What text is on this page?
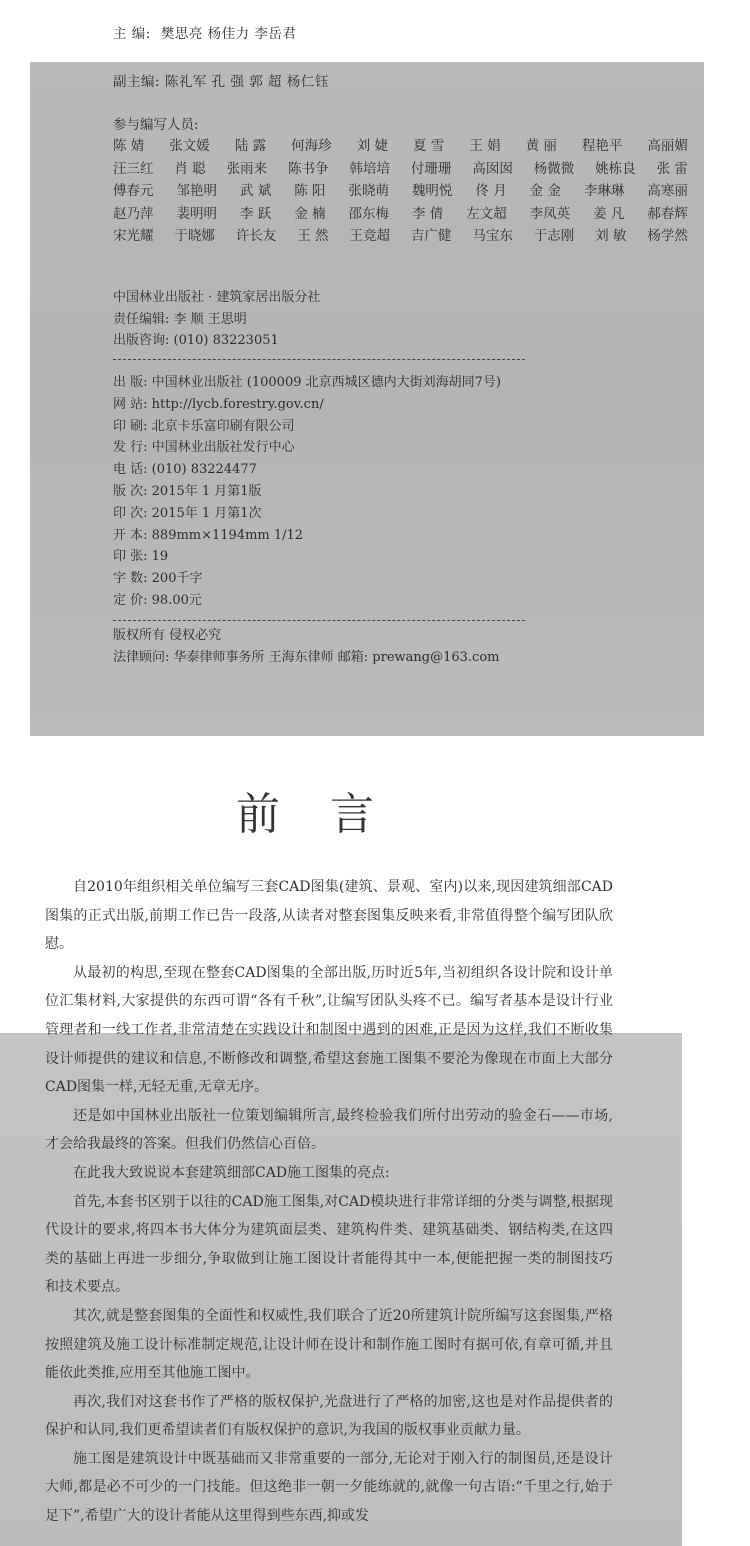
主 编: 樊思亮 杨佳力 李岳君

副主编: 陈礼军 孔 强 郭 超 杨仁钰

参与编写人员:
陈 婧 张文媛 陆 露 何海珍 刘 婕 夏 雪 王 娟 黄 丽 程艳平 高丽媚
汪三红 肖 聪 张雨来 陈书争 韩培培 付珊珊 高囡囡 杨微微 姚栋良 张 雷
傅春元 邹艳明 武 斌 陈 阳 张晓萌 魏明悦 佟 月 金 金 李琳琳 高寒丽
赵乃萍 裴明明 李 跃 金 楠 邵东梅 李 倩 左文超 李凤英 姜 凡 郝春辉
宋光耀 于晓娜 许长友 王 然 王竞超 吉广健 马宝东 于志刚 刘 敏 杨学然
中国林业出版社 · 建筑家居出版分社
责任编辑: 李 顺 王思明
出版咨询: (010) 83223051
出 版: 中国林业出版社 (100009 北京西城区德内大街刘海胡同7号)
网 站: http://lycb.forestry.gov.cn/
印 刷: 北京卡乐富印刷有限公司
发 行: 中国林业出版社发行中心
电 话: (010) 83224477
版 次: 2015年 1 月第1版
印 次: 2015年 1 月第1次
开 本: 889mm×1194mm 1/12
印 张: 19
字 数: 200千字
定 价: 98.00元
版权所有 侵权必究
法律顾问: 华泰律师事务所 王海东律师 邮箱: prewang@163.com
前言

自2010年组织相关单位编写三套CAD图集(建筑、景观、室内)以来,现因建筑细部CAD图集的正式出版,前期工作已告一段落,从读者对整套图集反映来看,非常值得整个编写团队欣慰。

从最初的构思,至现在整套CAD图集的全部出版,历时近5年,当初组织各设计院和设计单位汇集材料,大家提供的东西可谓“各有千秋”,让编写团队头疼不已。编写者基本是设计行业管理者和一线工作者,非常清楚在实践设计和制图中遇到的困难,正是因为这样,我们不断收集设计师提供的建议和信息,不断修改和调整,希望这套施工图集不要沦为像现在市面上大部分CAD图集一样,无轻无重,无章无序。

还是如中国林业出版社一位策划编辑所言,最终检验我们所付出劳动的验金石——市场,才会给我最终的答案。但我们仍然信心百倍。

在此我大致说说本套建筑细部CAD施工图集的亮点:

首先,本套书区别于以往的CAD施工图集,对CAD模块进行非常详细的分类与调整,根据现代设计的要求,将四本书大体分为建筑面层类、建筑构件类、建筑基础类、钢结构类,在这四类的基础上再进一步细分,争取做到让施工图设计者能得其中一本,便能把握一类的制图技巧和技术要点。

其次,就是整套图集的全面性和权威性,我们联合了近20所建筑计院所编写这套图集,严格按照建筑及施工设计标准制定规范,让设计师在设计和制作施工图时有据可依,有章可循,并且能依此类推,应用至其他施工图中。

再次,我们对这套书作了严格的版权保护,光盘进行了严格的加密,这也是对作品提供者的保护和认同,我们更希望读者们有版权保护的意识,为我国的版权事业贡献力量。

施工图是建筑设计中既基础而又非常重要的一部分,无论对于刚入行的制图员,还是设计大师,都是必不可少的一门技能。但这绝非一朝一夕能练就的,就像一句古语:“千里之行,始于足下”,希望广大的设计者能从这里得到些东西,抑或发
